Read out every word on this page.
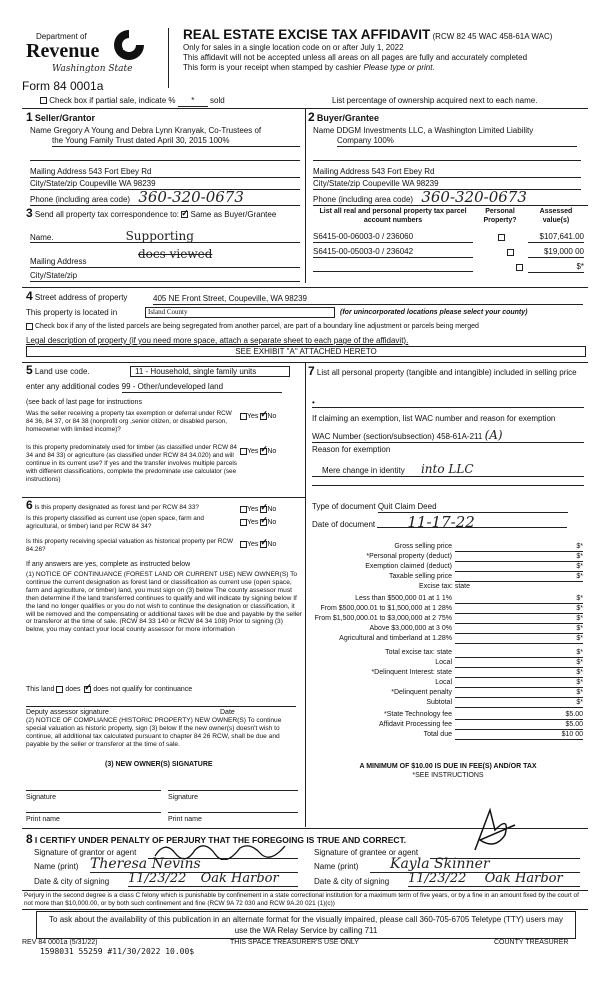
Department of
Revenue
Washington State
Form 84 0001a
REAL ESTATE EXCISE TAX AFFIDAVIT (RCW 82 45 WAC 458-61A WAC)
Only for sales in a single location code on or after July 1, 2022
This affidavit will not be accepted unless all areas on all pages are fully and accurately completed
This form is your receipt when stamped by cashier Please type or print.
Check box if partial sale, indicate % * sold	List percentage of ownership acquired next to each name.
1 Seller/Grantor
Name Gregory A Young and Debra Lynn Kranyak, Co-Trustees of
the Young Family Trust dated April 30, 2015 100%
Mailing Address 543 Fort Ebey Rd
City/State/zip Coupeville WA 98239
Phone (including area code) 360-320-0673
2 Buyer/Grantee
Name DDGM Investments LLC, a Washington Limited Liability
Company 100%
Mailing Address 543 Fort Ebey Rd
City/State/zip Coupeville WA 98239
Phone (including area code) 360-320-0673
3 Send all property tax correspondence to: ✓ Same as Buyer/Grantee
Name.	Supporting
docs viewed
Mailing Address
City/State/zip
List all real and personal property tax parcel account numbers
Personal Property?
Assessed value(s)
S6415-00-06003-0 / 236060
	$107,641.00
S6415-00-05003-0 / 236042
	$19,000 00
$*
4 Street address of property	405 NE Front Street, Coupeville, WA 98239
This property is located in	Island County	(for unincorporated locations please select your county)
Check box if any of the listed parcels are being segregated from another parcel, are part of a boundary line adjustment or parcels being merged
Legal description of property (if you need more space, attach a separate sheet to each page of the affidavit).
SEE EXHIBIT "A" ATTACHED HERETO
5 Land use code.	11 - Household, single family units
enter any additional codes 99 - Other/undeveloped land
(see back of last page for instructions
Was the seller receiving a property tax exemption or deferral under RCW 84 36, 84 37, or 84 38 (nonprofit org ,senior citizen, or disabled person, homeowner with limited income)?
Yes ✓ No
Is this property predominately used for timber (as classified under RCW 84 34 and 84 33) or agriculture (as classified under RCW 84 34.020) and will continue in its current use? If yes and the transfer involves multiple parcels with different classifications, complete the predominate use calculator (see instructions)
Yes ✓ No
6 Is this property designated as forest land per RCW 84 33?	Yes ✓ No
Is this property classified as current use (open space, farm and agricultural, or timber) land per RCW 84 34?
Yes ✓ No
Is this property receiving special valuation as historical property per RCW 84.26?
Yes ✓ No
If any answers are yes, complete as instructed below
(1) NOTICE OF CONTINUANCE (FOREST LAND OR CURRENT USE) NEW OWNER(S) To continue the current designation as forest land or classification as current use (open space, farm and agriculture, or timber) land, you must sign on (3) below The county assessor must then determine if the land transferred continues to qualify and will indicate by signing below If the land no longer qualifies or you do not wish to continue the designation or classification, it will be removed and the compensating or additional taxes will be due and payable by the seller or transferor at the time of sale. (RCW 84 33 140 or RCW 84 34 108) Prior to signing (3) below, you may contact your local county assessor for more information
This land does ✓ does not qualify for continuance
Deputy assessor signature	Date
(2) NOTICE OF COMPLIANCE (HISTORIC PROPERTY) NEW OWNER(S) To continue special valuation as historic property, sign (3) below If the new owner(s) doesn't wish to continue, all additional tax calculated pursuant to chapter 84 26 RCW, shall be due and payable by the seller or transferor at the time of sale.
(3) NEW OWNER(S) SIGNATURE
Signature	Signature
Print name	Print name
7 List all personal property (tangible and intangible) included in selling price
•
If claiming an exemption, list WAC number and reason for exemption
WAC Number (section/subsection) 458-61A-211 (A)
Reason for exemption
Mere change in identity into LLC
Type of document Quit Claim Deed
Date of document 11-17-22
Gross selling price	$*
*Personal property (deduct)	$*
Exemption claimed (deduct)	$*
Taxable selling price	$*
Excise tax: state
Less than $500,000 01 at 1 1%	$*
From $500,000.01 to $1,500,000 at 1 28%	$*
From $1,500,000.01 to $3,000,000 at 2 75%	$*
Above $3,000,000 at 3 0%	$*
Agricultural and timberland at 1.28%	$*
Total excise tax: state	$*
Local	$*
*Delinquent Interest: state	$*
Local	$*
*Delinquent penalty	$*
Subtotal	$*
*State Technology fee	$5.00
Affidavit Processing fee	$5.00
Total due	$10 00
A MINIMUM OF $10.00 IS DUE IN FEE(S) AND/OR TAX
*SEE INSTRUCTIONS
8 I CERTIFY UNDER PENALTY OF PERJURY THAT THE FOREGOING IS TRUE AND CORRECT.
Signature of grantor or agent	Signature of grantee or agent
Name (print) Theresa Nevins	Name (print)	Kayla Skinner
Date & city of signing 11/23/22 Oak Harbor	Date & city of signing 11/23/22 Oak Harbor
Perjury in the second degree is a class C felony which is punishable by confinement in a state correctional institution for a maximum term of five years, or by a fine in an amount fixed by the court of not more than $10,000.00, or by both such confinement and fine (RCW 9A 72 030 and RCW 9A.20 021 (1)(c))
To ask about the availability of this publication in an alternate format for the visually impaired, please call 360-705-6705 Teletype (TTY) users may use the WA Relay Service by calling 711
REV 84 0001a (5/31/22)	THIS SPACE TREASURER'S USE ONLY	COUNTY TREASURER
1598031 55259 #11/30/2022 10.00$
